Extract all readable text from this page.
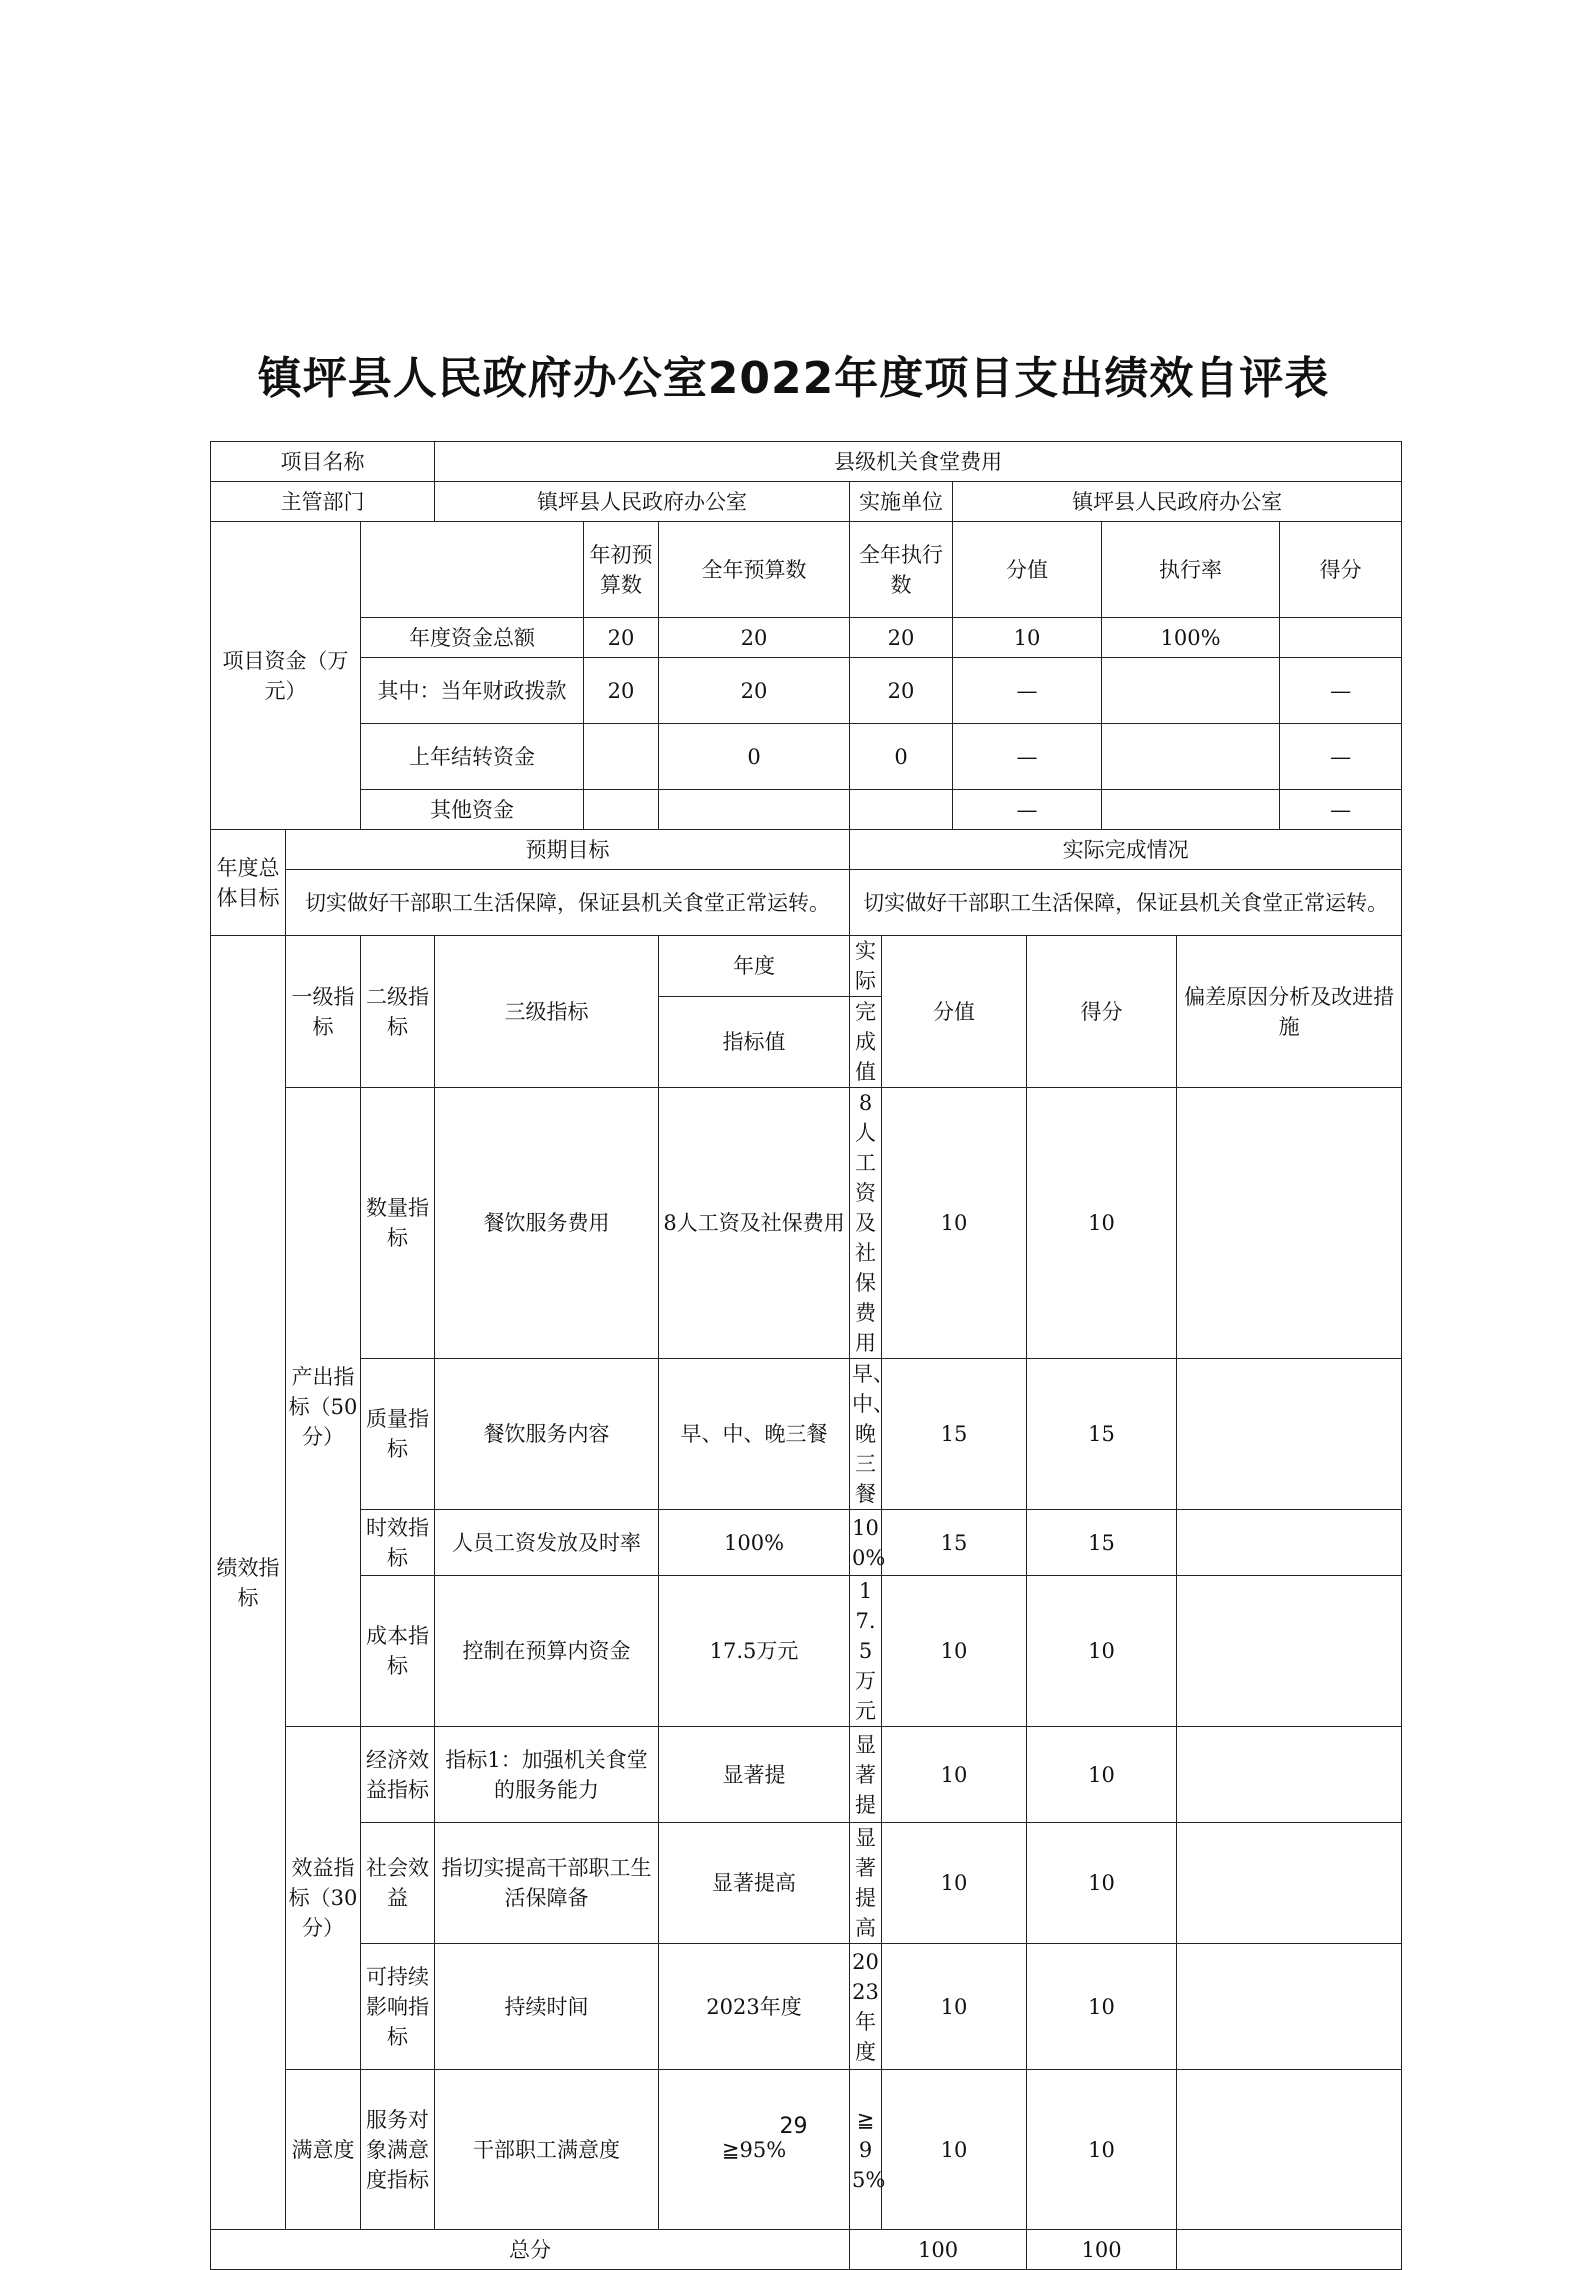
镇坪县人民政府办公室2022年度项目支出绩效自评表
项目名称			县级机关食堂费用									
主管部门			镇坪县人民政府办公室			实施单位		镇坪县人民政府办公室				
项目资金（万元）				年初预算数	全年预算数	全年执行数		分值		执行率		得分
		年度资金总额		20	20	20		10		100%		
		其中：当年财政拨款		20	20	20		—				—
		上年结转资金			0	0		—				—
		其他资金						—				—
年度总体目标	预期目标					实际完成情况						
	切实做好干部职工生活保障，保证县机关食堂正常运转。					切实做好干部职工生活保障，保证县机关食堂正常运转。						
绩效指标	一级指标	二级指标	三级指标		年度	实际	分值		得分		偏差原因分析及改进措施	
					指标值	完成值						
	产出指标（50分）	数量指标	餐饮服务费用		8人工资及社保费用	8人工资及社保费用	10		10			
		质量指标	餐饮服务内容		早、中、晚三餐	早、中、晚三餐	15		15			
		时效指标	人员工资发放及时率		100%	100%	15		15			
		成本指标	控制在预算内资金		17.5万元	17.5万元	10		10			
	效益指标（30分）	经济效益指标	指标1：加强机关食堂的服务能力		显著提	显著提	10		10			
		社会效益	指切实提高干部职工生活保障备		显著提高	显著提高	10		10			
		可持续影响指标	持续时间		2023年度	2023年度	10		10			
	满意度	服务对象满意度指标	干部职工满意度		≧95%	≧95%	10		10			
总分						100			100			
29
